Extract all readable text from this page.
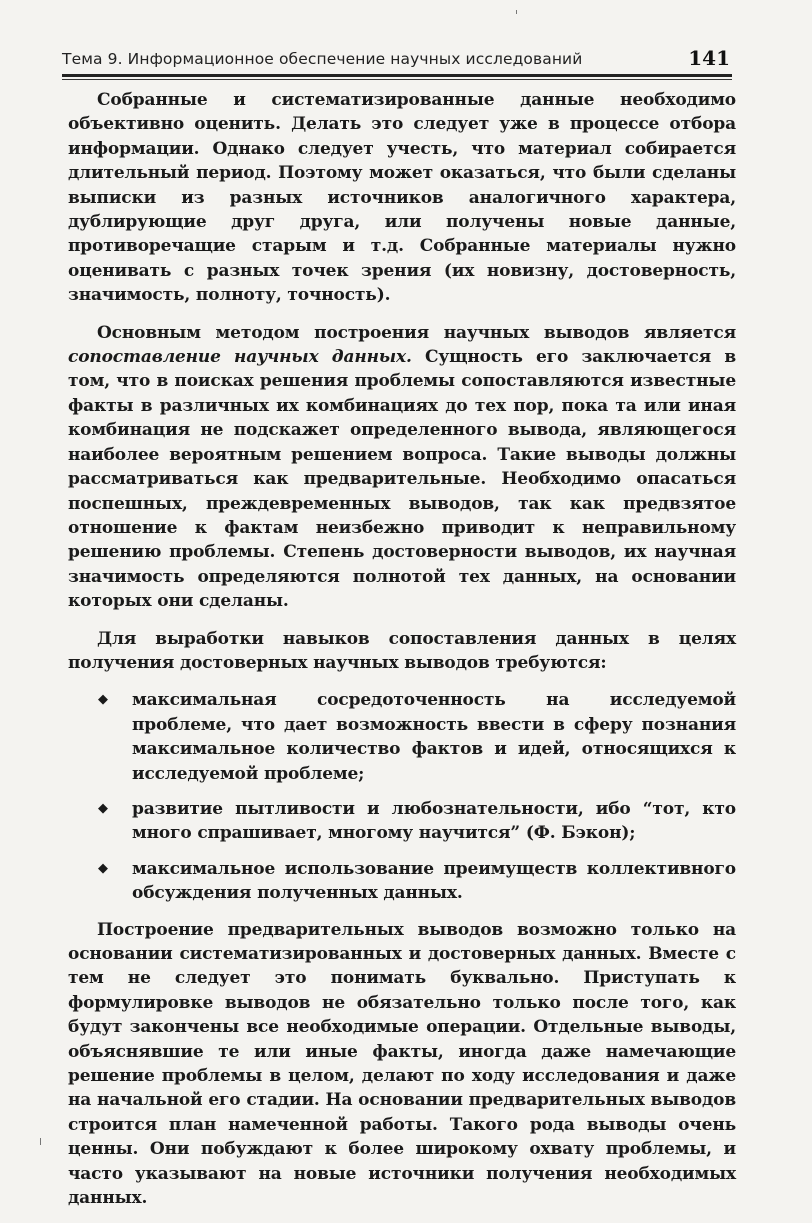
Тема 9. Информационное обеспечение научных исследований	141

Собранные и систематизированные данные необходимо объективно оценить. Делать это следует уже в процессе отбора информации. Однако следует учесть, что материал собирается длительный период. Поэтому может оказаться, что были сделаны выписки из разных источников аналогичного характера, дублирующие друг друга, или получены новые данные, противоречащие старым и т.д. Собранные материалы нужно оценивать с разных точек зрения (их новизну, достоверность, значимость, полноту, точность).

Основным методом построения научных выводов является сопоставление научных данных. Сущность его заключается в том, что в поисках решения проблемы сопоставляются известные факты в различных их комбинациях до тех пор, пока та или иная комбинация не подскажет определенного вывода, являющегося наиболее вероятным решением вопроса. Такие выводы должны рассматриваться как предварительные. Необходимо опасаться поспешных, преждевременных выводов, так как предвзятое отношение к фактам неизбежно приводит к неправильному решению проблемы. Степень достоверности выводов, их научная значимость определяются полнотой тех данных, на основании которых они сделаны.

Для выработки навыков сопоставления данных в целях получения достоверных научных выводов требуются:

◆ максимальная сосредоточенность на исследуемой проблеме, что дает возможность ввести в сферу познания максимальное количество фактов и идей, относящихся к исследуемой проблеме;
◆ развитие пытливости и любознательности, ибо “тот, кто много спрашивает, многому научится” (Ф. Бэкон);
◆ максимальное использование преимуществ коллективного обсуждения полученных данных.

Построение предварительных выводов возможно только на основании систематизированных и достоверных данных. Вместе с тем не следует это понимать буквально. Приступать к формулировке выводов не обязательно только после того, как будут закончены все необходимые операции. Отдельные выводы, объяснявшие те или иные факты, иногда даже намечающие решение проблемы в целом, делают по ходу исследования и даже на начальной его стадии. На основании предварительных выводов строится план намеченной работы. Такого рода выводы очень ценны. Они побуждают к более широкому охвату проблемы, и часто указывают на новые источники получения необходимых данных.
